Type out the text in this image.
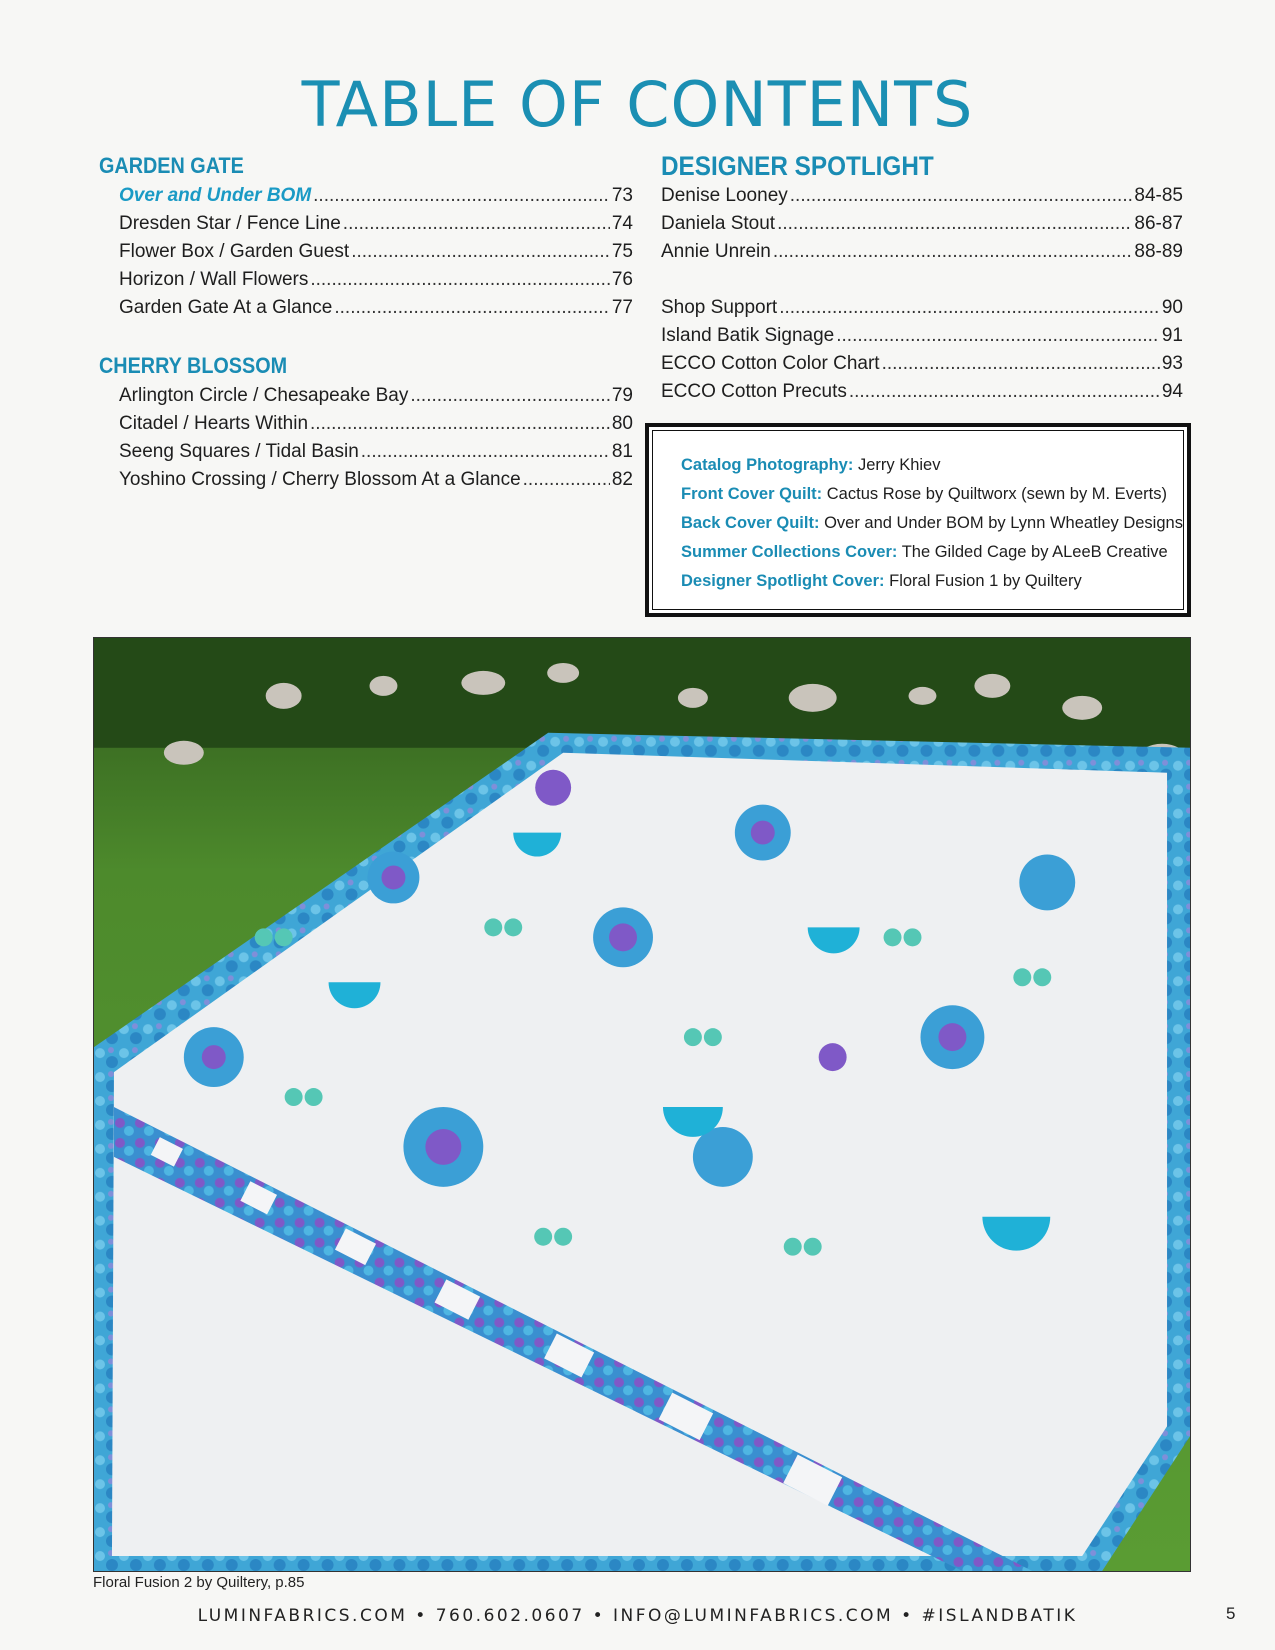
TABLE OF CONTENTS
GARDEN GATE
Over and Under BOM .....	73
Dresden Star / Fence Line .....	74
Flower Box / Garden Guest .....	75
Horizon / Wall Flowers .....	76
Garden Gate At a Glance .....	77
CHERRY BLOSSOM
Arlington Circle / Chesapeake Bay .....	79
Citadel / Hearts Within .....	80
Seeng Squares / Tidal Basin .....	81
Yoshino Crossing / Cherry Blossom At a Glance .....	82
DESIGNER SPOTLIGHT
Denise Looney .....	84-85
Daniela Stout .....	86-87
Annie Unrein .....	88-89
Shop Support .....	90
Island Batik Signage .....	91
ECCO Cotton Color Chart .....	93
ECCO Cotton Precuts .....	94
Catalog Photography: Jerry Khiev
Front Cover Quilt: Cactus Rose by Quiltworx (sewn by M. Everts)
Back Cover Quilt: Over and Under BOM by Lynn Wheatley Designs
Summer Collections Cover: The Gilded Cage by ALeeB Creative
Designer Spotlight Cover: Floral Fusion 1 by Quiltery
Floral Fusion 2 by Quiltery, p.85
LUMINFABRICS.COM • 760.602.0607 • INFO@LUMINFABRICS.COM • #ISLANDBATIK	5
